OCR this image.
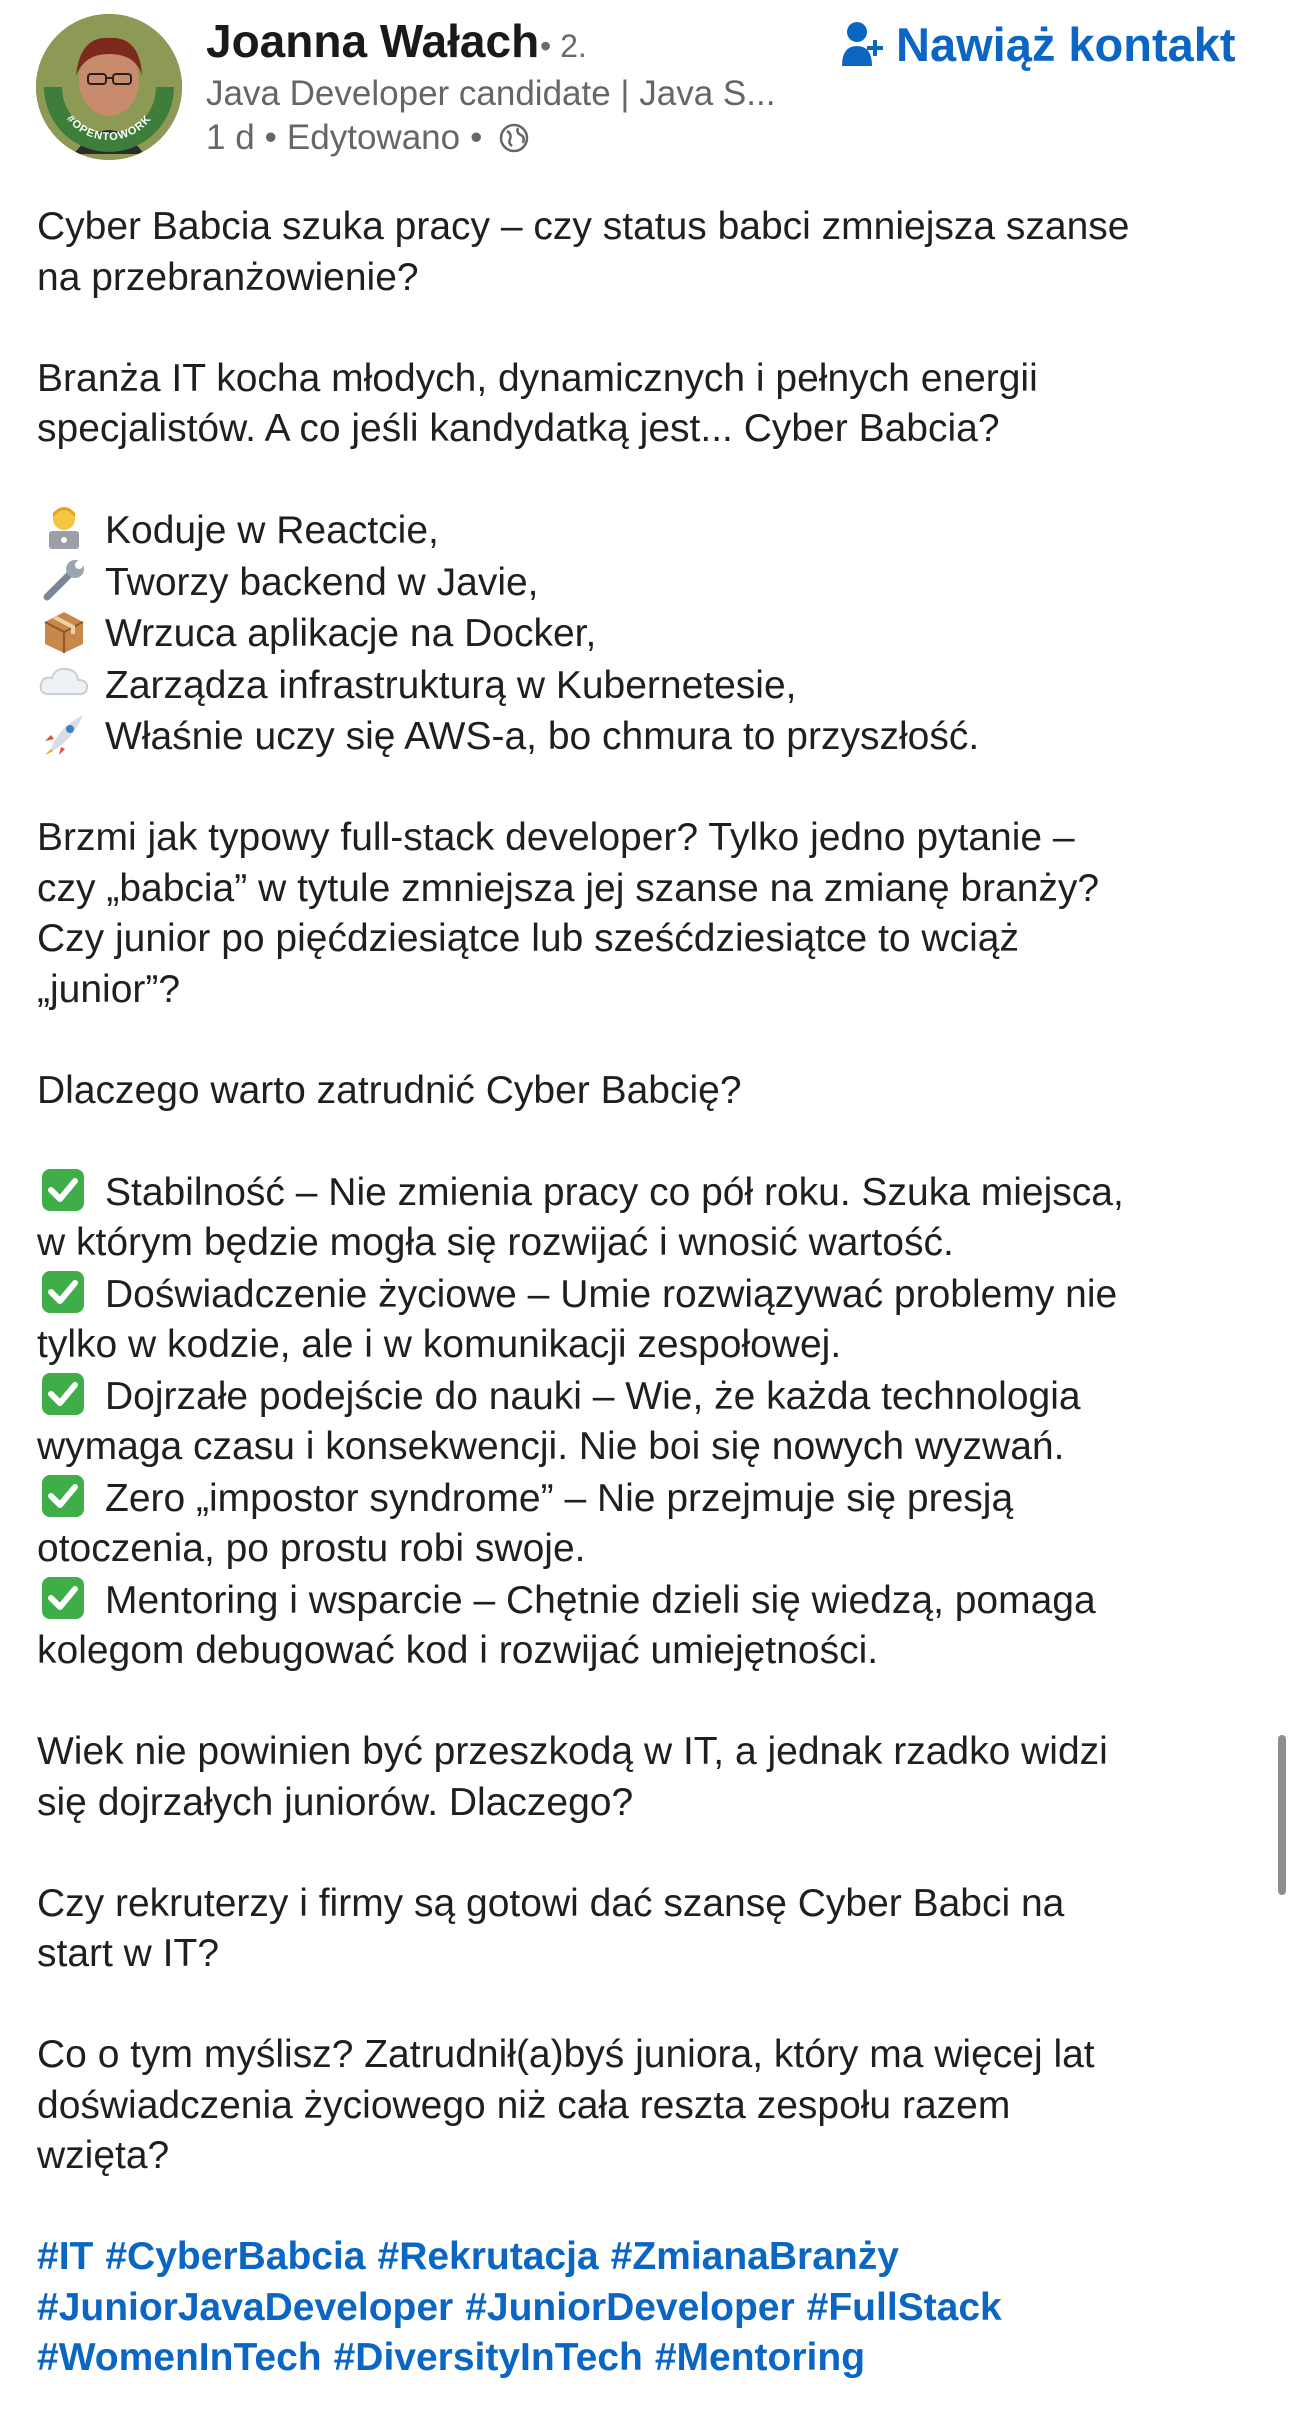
#OPENTOWORK
Joanna Wałach • 2.
Java Developer candidate | Java S...
1 d • Edytowano •
Nawiąż kontakt

Cyber Babcia szuka pracy – czy status babci zmniejsza szanse
na przebranżowienie?

Branża IT kocha młodych, dynamicznych i pełnych energii
specjalistów. A co jeśli kandydatką jest... Cyber Babcia?

Koduje w Reactcie,
Tworzy backend w Javie,
Wrzuca aplikacje na Docker,
Zarządza infrastrukturą w Kubernetesie,
Właśnie uczy się AWS-a, bo chmura to przyszłość.

Brzmi jak typowy full-stack developer? Tylko jedno pytanie –
czy „babcia” w tytule zmniejsza jej szanse na zmianę branży?
Czy junior po pięćdziesiątce lub sześćdziesiątce to wciąż
„junior”?

Dlaczego warto zatrudnić Cyber Babcię?

Stabilność – Nie zmienia pracy co pół roku. Szuka miejsca,
w którym będzie mogła się rozwijać i wnosić wartość.
Doświadczenie życiowe – Umie rozwiązywać problemy nie
tylko w kodzie, ale i w komunikacji zespołowej.
Dojrzałe podejście do nauki – Wie, że każda technologia
wymaga czasu i konsekwencji. Nie boi się nowych wyzwań.
Zero „impostor syndrome” – Nie przejmuje się presją
otoczenia, po prostu robi swoje.
Mentoring i wsparcie – Chętnie dzieli się wiedzą, pomaga
kolegom debugować kod i rozwijać umiejętności.

Wiek nie powinien być przeszkodą w IT, a jednak rzadko widzi
się dojrzałych juniorów. Dlaczego?

Czy rekruterzy i firmy są gotowi dać szansę Cyber Babci na
start w IT?

Co o tym myślisz? Zatrudnił(a)byś juniora, który ma więcej lat
doświadczenia życiowego niż cała reszta zespołu razem
wzięta?

#IT #CyberBabcia #Rekrutacja #ZmianaBranży
#JuniorJavaDeveloper #JuniorDeveloper #FullStack
#WomenInTech #DiversityInTech #Mentoring
